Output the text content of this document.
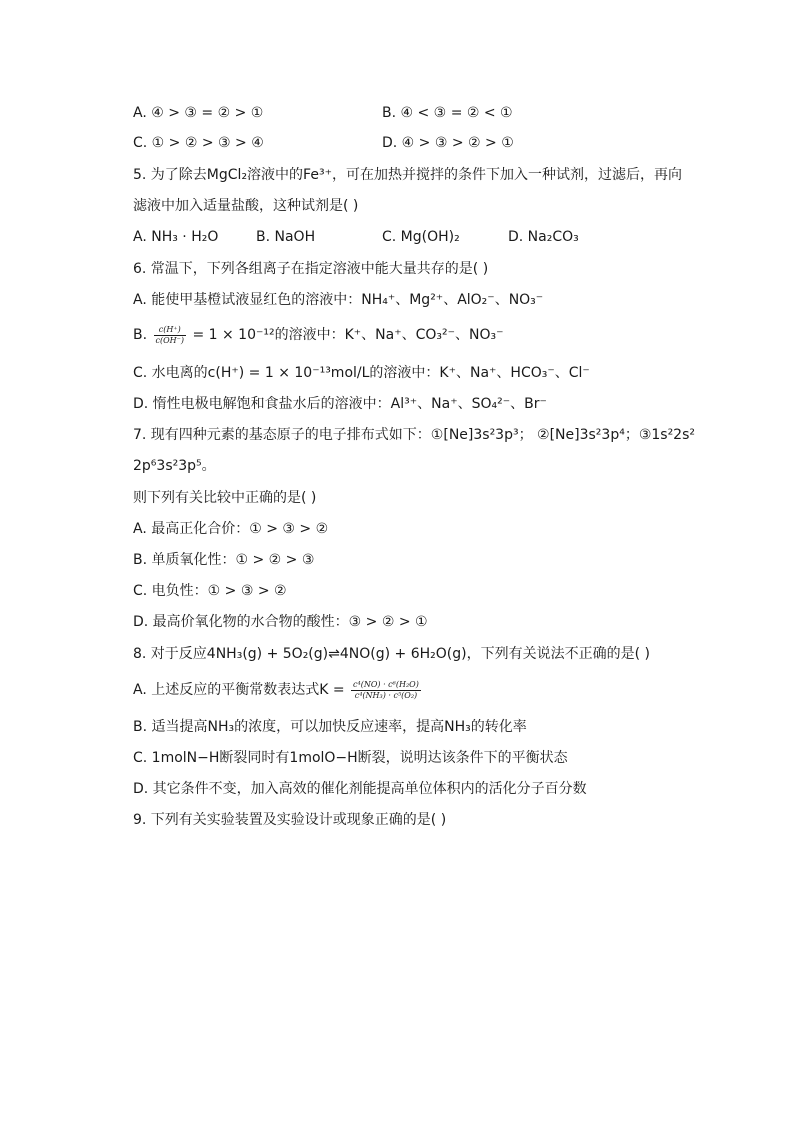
A. ④ > ③ = ② > ①	B. ④ < ③ = ② < ①
C. ① > ② > ③ > ④	D. ④ > ③ > ② > ①
5. 为了除去MgCl₂溶液中的Fe³⁺，可在加热并搅拌的条件下加入一种试剂，过滤后，再向
滤液中加入适量盐酸，这种试剂是( )
A. NH₃ · H₂O	B. NaOH	C. Mg(OH)₂	D. Na₂CO₃
6. 常温下，下列各组离子在指定溶液中能大量共存的是( )
A. 能使甲基橙试液显红色的溶液中：NH₄⁺、Mg²⁺、AlO₂⁻、NO₃⁻
B. $\frac{c(H^+)}{c(OH^-)} = 1 \times 10^{-12}$的溶液中：K⁺、Na⁺、CO₃²⁻、NO₃⁻
C. 水电离的c(H⁺) = 1 × 10⁻¹³mol/L的溶液中：K⁺、Na⁺、HCO₃⁻、Cl⁻
D. 惰性电极电解饱和食盐水后的溶液中：Al³⁺、Na⁺、SO₄²⁻、Br⁻
7. 现有四种元素的基态原子的电子排布式如下：①[Ne]3s²3p³； ②[Ne]3s²3p⁴；③1s²2s²
2p⁶3s²3p⁵。
则下列有关比较中正确的是( )
A. 最高正化合价：① > ③ > ②
B. 单质氧化性：① > ② > ③
C. 电负性：① > ③ > ②
D. 最高价氧化物的水合物的酸性：③ > ② > ①
8. 对于反应4NH₃(g) + 5O₂(g)⇌4NO(g) + 6H₂O(g)，下列有关说法不正确的是( )
A. 上述反应的平衡常数表达式$K = \frac{\text{c⁴(NO) · c⁶(H₂O)}}{\text{c⁴(NH₃) · c⁵(O₂)}}$
B. 适当提高NH₃的浓度，可以加快反应速率，提高NH₃的转化率
C. 1molN−H断裂同时有1molO−H断裂，说明达该条件下的平衡状态
D. 其它条件不变，加入高效的催化剂能提高单位体积内的活化分子百分数
9. 下列有关实验装置及实验设计或现象正确的是( )
